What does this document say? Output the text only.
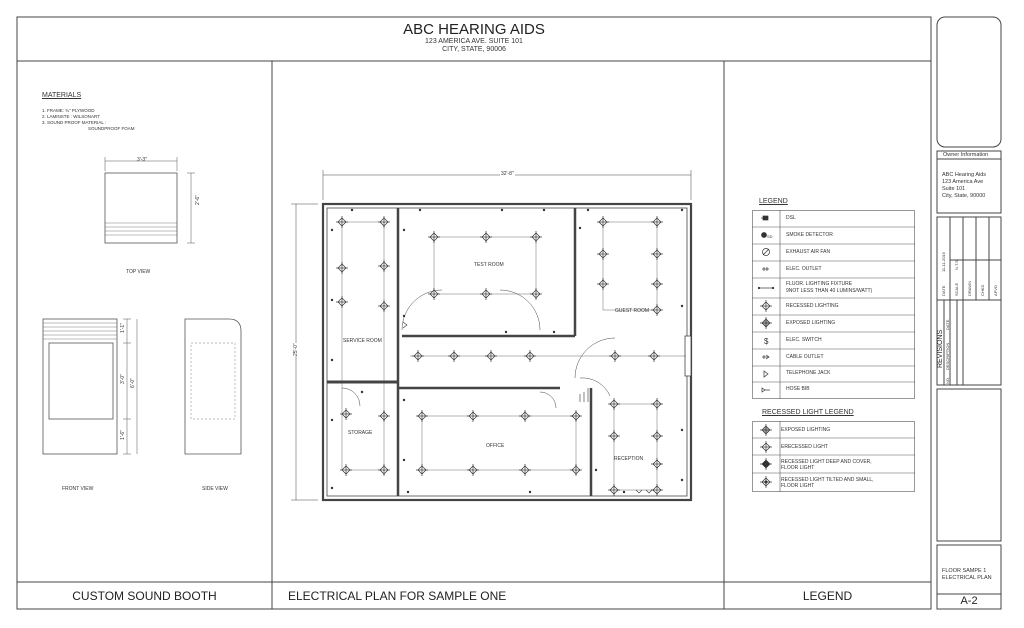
ABC HEARING AIDS
123 AMERICA AVE. SUITE 101
CITY, STATE, 90006
MATERIALS
1. FRAME: ¾" PLYWOOD
2. LAMINSTE : WILSONART
3. SOUND PROOF MATERIAL :
SOUNDPROOF FOAM
3'-3"
2'-6"
TOP VIEW
1'-1"
3'-0"
1'-6"
6'-0"
FRONT VIEW	SIDE VIEW
32'-8"
25'-0"
TEST ROOM
GUEST ROOM
SERVICE ROOM
STORAGE
OFFICE
RECEPTION
LEGEND
SD
$
DSL
SMOKE DETECTOR
EXHAUST AIR FAN
ELEC. OUTLET
FLUOR. LIGHTING FIXTURE
9NOT LESS THAN 40 LUMINS/WATT)
RECESSED LIGHTING
EXPOSED LIGHTING
ELEC. SWITCH
CABLE OUTLET
TELEPHONE JACK
HOSE BIB
RECESSED LIGHT LEGEND
EXPOSED LIGHTING
ERECESSED LIGHT
RECESSED LIGHT DEEP AND COVER,
FLOOR LIGHT
RECESSED LIGHT TILTED AND SMALL,
FLOOR LIGHT
CUSTOM SOUND BOOTH	ELECTRICAL PLAN FOR SAMPLE ONE	LEGEND
Owner Information
ABC Hearing Aids
123 America Ave
Suite 101
City, State, 90000
DATE
11-11-2019
SCALE
N.T.S.
DRAWN CHKD APVD
REVISIONS
NO.
DESCRIPTION
DATE
FLOOR SAMPE 1
ELECTRICAL PLAN
A-2
